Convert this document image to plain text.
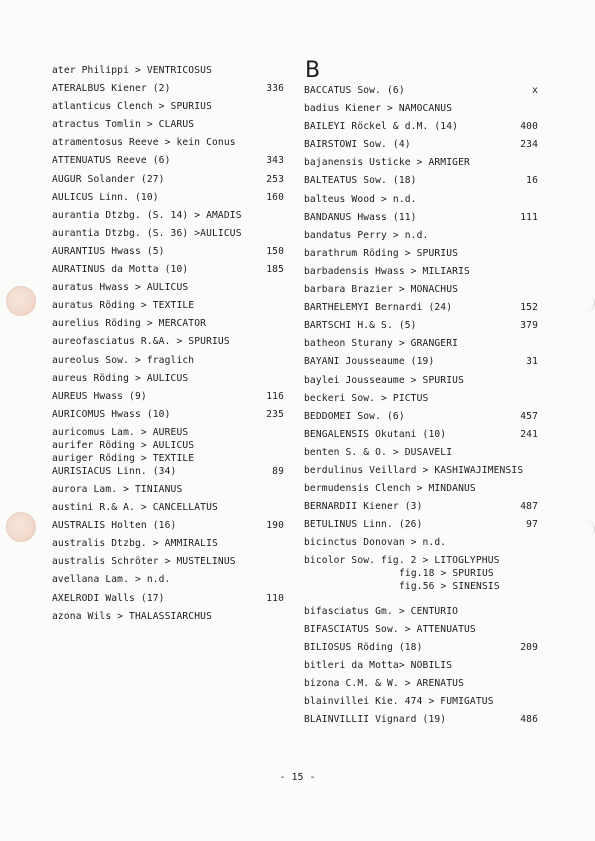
B
ater Philippi > VENTRICOSUS
ATERALBUS Kiener (2)	336
atlanticus Clench > SPURIUS
atractus Tomlin > CLARUS
atramentosus Reeve > kein Conus
ATTENUATUS Reeve (6)	343
AUGUR Solander (27)	253
AULICUS Linn. (10)	160
aurantia Dtzbg. (S. 14) > AMADIS
aurantia Dtzbg. (S. 36) >AULICUS
AURANTIUS Hwass (5)	150
AURATINUS da Motta (10)	185
auratus Hwass > AULICUS
auratus Röding > TEXTILE
aurelius Röding > MERCATOR
aureofasciatus R.&A. > SPURIUS
aureolus Sow. > fraglich
aureus Röding > AULICUS
AUREUS Hwass (9)	116
AURICOMUS Hwass (10)	235
auricomus Lam. > AUREUS
aurifer Röding > AULICUS
auriger Röding > TEXTILE
AURISIACUS Linn. (34)	89
aurora Lam. > TINIANUS
austini R.& A. > CANCELLATUS
AUSTRALIS Holten (16)	190
australis Dtzbg. > AMMIRALIS
australis Schröter > MUSTELINUS
avellana Lam. > n.d.
AXELRODI Walls (17)	110
azona Wils > THALASSIARCHUS
BACCATUS Sow. (6)	x
badius Kiener > NAMOCANUS
BAILEYI Röckel & d.M. (14)	400
BAIRSTOWI Sow. (4)	234
bajanensis Usticke > ARMIGER
BALTEATUS Sow. (18)	16
balteus Wood > n.d.
BANDANUS Hwass (11)	111
bandatus Perry > n.d.
barathrum Röding > SPURIUS
barbadensis Hwass > MILIARIS
barbara Brazier > MONACHUS
BARTHELEMYI Bernardi (24)	152
BARTSCHI H.& S. (5)	379
batheon Sturany > GRANGERI
BAYANI Jousseaume (19)	31
baylei Jousseaume > SPURIUS
beckeri Sow. > PICTUS
BEDDOMEI Sow. (6)	457
BENGALENSIS Okutani (10)	241
benten S. & O. > DUSAVELI
berdulinus Veillard > KASHIWAJIMENSIS
bermudensis Clench > MINDANUS
BERNARDII Kiener (3)	487
BETULINUS Linn. (26)	97
bicinctus Donovan > n.d.
bicolor Sow. fig. 2 > LITOGLYPHUS
fig.18 > SPURIUS
fig.56 > SINENSIS
bifasciatus Gm. > CENTURIO
BIFASCIATUS Sow. > ATTENUATUS
BILIOSUS Röding (18)	209
bitleri da Motta> NOBILIS
bizona C.M. & W. > ARENATUS
blainvillei Kie. 474 > FUMIGATUS
BLAINVILLII Vignard (19)	486
- 15 -
